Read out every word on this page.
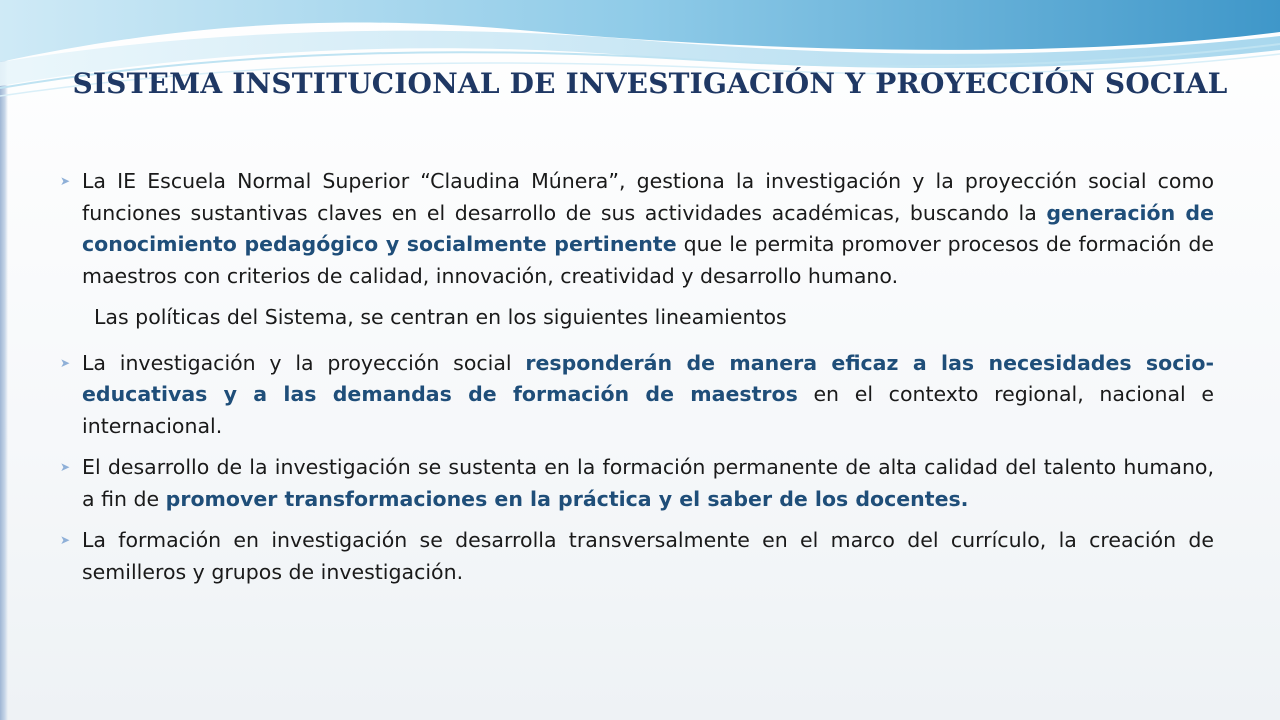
SISTEMA INSTITUCIONAL DE INVESTIGACIÓN Y PROYECCIÓN SOCIAL

➤ La IE Escuela Normal Superior “Claudina Múnera”, gestiona la investigación y la proyección social como funciones sustantivas claves en el desarrollo de sus actividades académicas, buscando la generación de conocimiento pedagógico y socialmente pertinente que le permita promover procesos de formación de maestros con criterios de calidad, innovación, creatividad y desarrollo humano.

Las políticas del Sistema, se centran en los siguientes lineamientos

➤ La investigación y la proyección social responderán de manera eficaz a las necesidades socio-educativas y a las demandas de formación de maestros en el contexto regional, nacional e internacional.

➤ El desarrollo de la investigación se sustenta en la formación permanente de alta calidad del talento humano, a fin de promover transformaciones en la práctica y el saber de los docentes.

➤ La formación en investigación se desarrolla transversalmente en el marco del currículo, la creación de semilleros y grupos de investigación.
